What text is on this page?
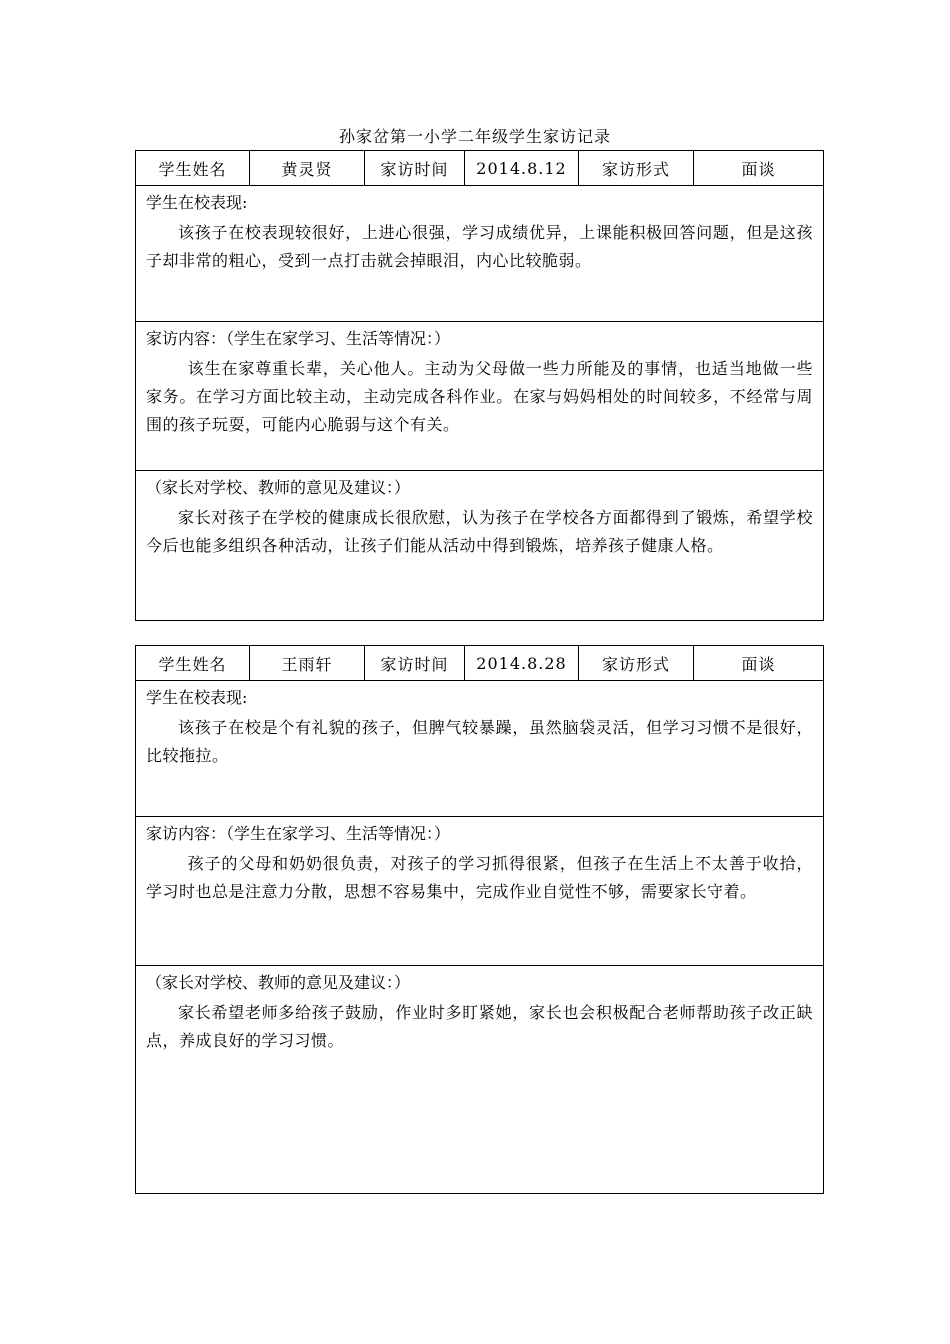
孙家岔第一小学二年级学生家访记录
学生姓名	黄灵贤	家访时间	2014.8.12	家访形式	面谈

学生在校表现:
该孩子在校表现较很好，上进心很强，学习成绩优异，上课能积极回答问题，但是这孩子却非常的粗心，受到一点打击就会掉眼泪，内心比较脆弱。

家访内容：（学生在家学习、生活等情况：）
该生在家尊重长辈，关心他人。主动为父母做一些力所能及的事情，也适当地做一些家务。在学习方面比较主动，主动完成各科作业。在家与妈妈相处的时间较多，不经常与周围的孩子玩耍，可能内心脆弱与这个有关。

（家长对学校、教师的意见及建议：）
家长对孩子在学校的健康成长很欣慰，认为孩子在学校各方面都得到了锻炼，希望学校今后也能多组织各种活动，让孩子们能从活动中得到锻炼，培养孩子健康人格。
学生姓名	王雨轩	家访时间	2014.8.28	家访形式	面谈

学生在校表现:
该孩子在校是个有礼貌的孩子，但脾气较暴躁，虽然脑袋灵活，但学习习惯不是很好，比较拖拉。

家访内容：（学生在家学习、生活等情况：）
孩子的父母和奶奶很负责，对孩子的学习抓得很紧，但孩子在生活上不太善于收拾，学习时也总是注意力分散，思想不容易集中，完成作业自觉性不够，需要家长守着。

（家长对学校、教师的意见及建议：）
家长希望老师多给孩子鼓励，作业时多盯紧她，家长也会积极配合老师帮助孩子改正缺点，养成良好的学习习惯。
